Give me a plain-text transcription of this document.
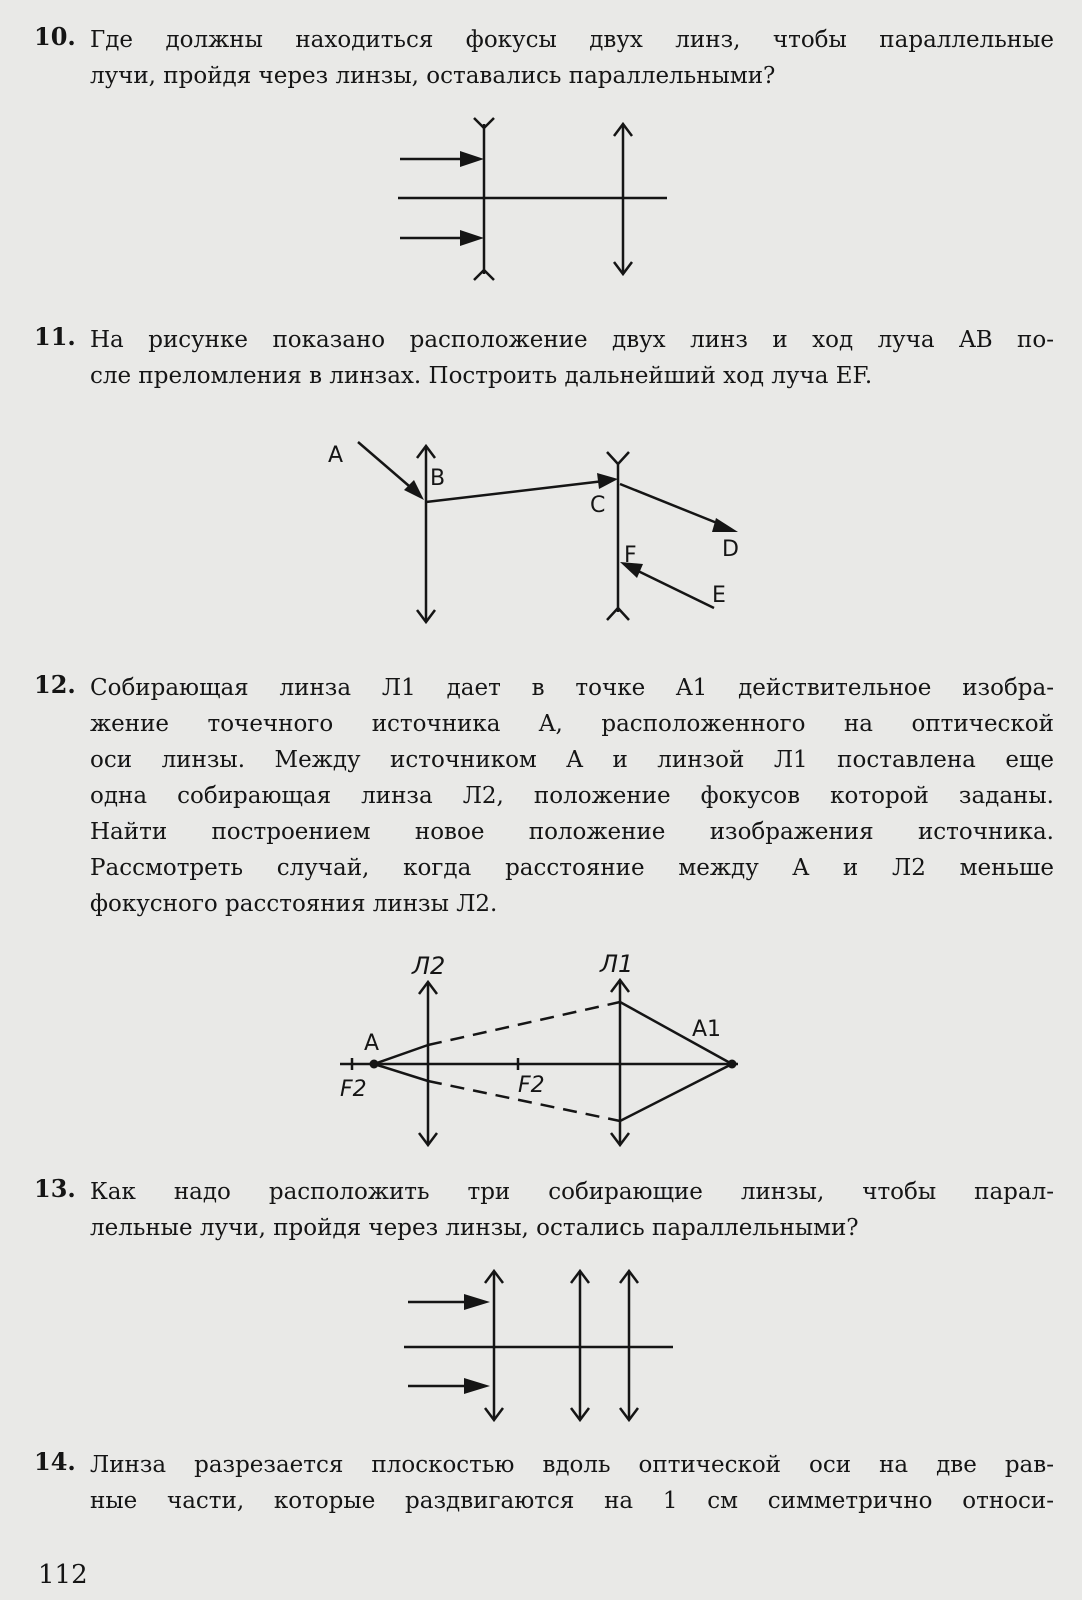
10. Где должны находиться фокусы двух линз, чтобы параллельные
лучи, пройдя через линзы, оставались параллельными?

11. На рисунке показано расположение двух линз и ход луча AB по-
сле преломления в линзах. Построить дальнейший ход луча EF.

A
B
C
D
E
F
12. Собирающая линза Л1 дает в точке A1 действительное изобра-
жение точечного источника A, расположенного на оптической
оси линзы. Между источником A и линзой Л1 поставлена еще
одна собирающая линза Л2, положение фокусов которой заданы.
Найти построением новое положение изображения источника.
Рассмотреть случай, когда расстояние между A и Л2 меньше
фокусного расстояния линзы Л2.

Л2	Л1
A
A1
F2	F2
13. Как надо расположить три собирающие линзы, чтобы парал-
лельные лучи, пройдя через линзы, остались параллельными?

14. Линза разрезается плоскостью вдоль оптической оси на две рав-
ные части, которые раздвигаются на 1 см симметрично относи-

112
